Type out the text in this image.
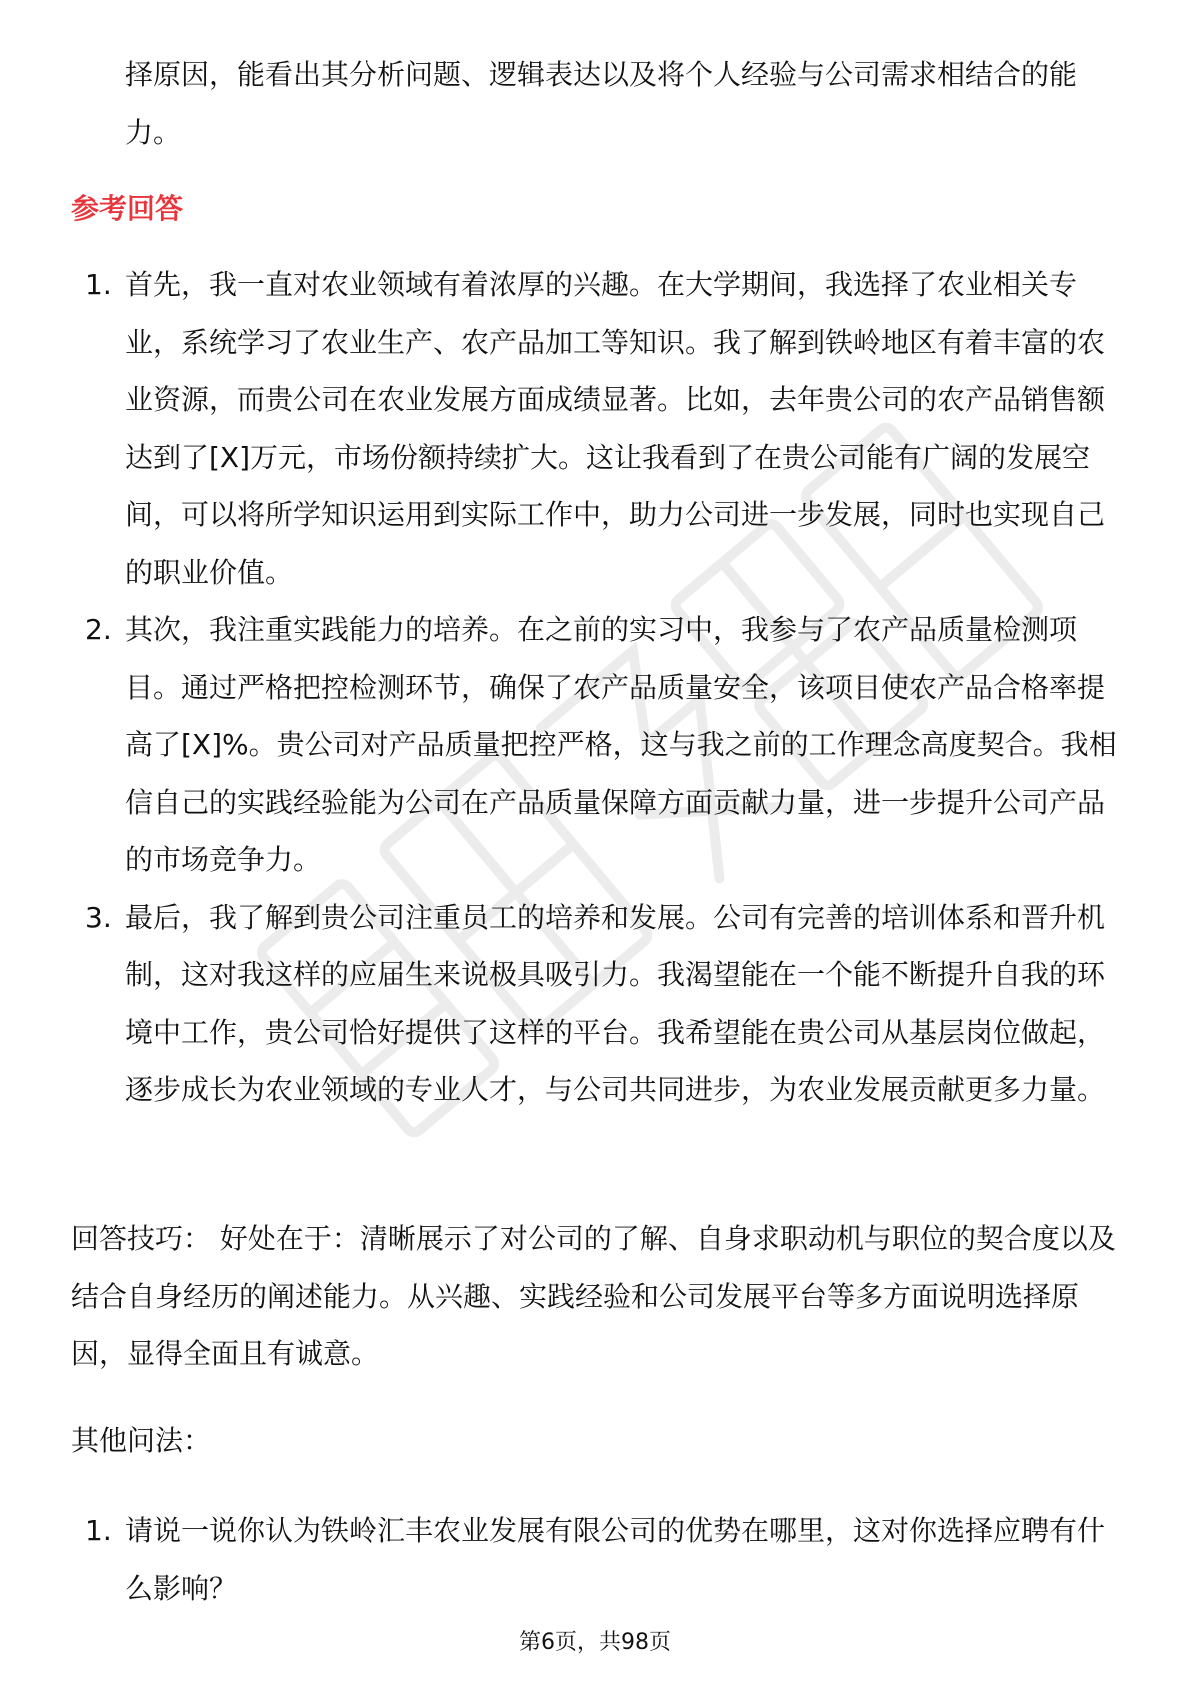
择原因，能看出其分析问题、逻辑表达以及将个人经验与公司需求相结合的能力。

参考回答
1. 首先，我一直对农业领域有着浓厚的兴趣。在大学期间，我选择了农业相关专业，系统学习了农业生产、农产品加工等知识。我了解到铁岭地区有着丰富的农业资源，而贵公司在农业发展方面成绩显著。比如，去年贵公司的农产品销售额达到了[X]万元，市场份额持续扩大。这让我看到了在贵公司能有广阔的发展空间，可以将所学知识运用到实际工作中，助力公司进一步发展，同时也实现自己的职业价值。

2. 其次，我注重实践能力的培养。在之前的实习中，我参与了农产品质量检测项目。通过严格把控检测环节，确保了农产品质量安全，该项目使农产品合格率提高了[X]%。贵公司对产品质量把控严格，这与我之前的工作理念高度契合。我相信自己的实践经验能为公司在产品质量保障方面贡献力量，进一步提升公司产品的市场竞争力。

3. 最后，我了解到贵公司注重员工的培养和发展。公司有完善的培训体系和晋升机制，这对我这样的应届生来说极具吸引力。我渴望能在一个能不断提升自我的环境中工作，贵公司恰好提供了这样的平台。我希望能在贵公司从基层岗位做起，逐步成长为农业领域的专业人才，与公司共同进步，为农业发展贡献更多力量。

回答技巧： 好处在于：清晰展示了对公司的了解、自身求职动机与职位的契合度以及结合自身经历的阐述能力。从兴趣、实践经验和公司发展平台等多方面说明选择原因，显得全面且有诚意。

其他问法：

1. 请说一说你认为铁岭汇丰农业发展有限公司的优势在哪里，这对你选择应聘有什么影响？

第6页，共98页
